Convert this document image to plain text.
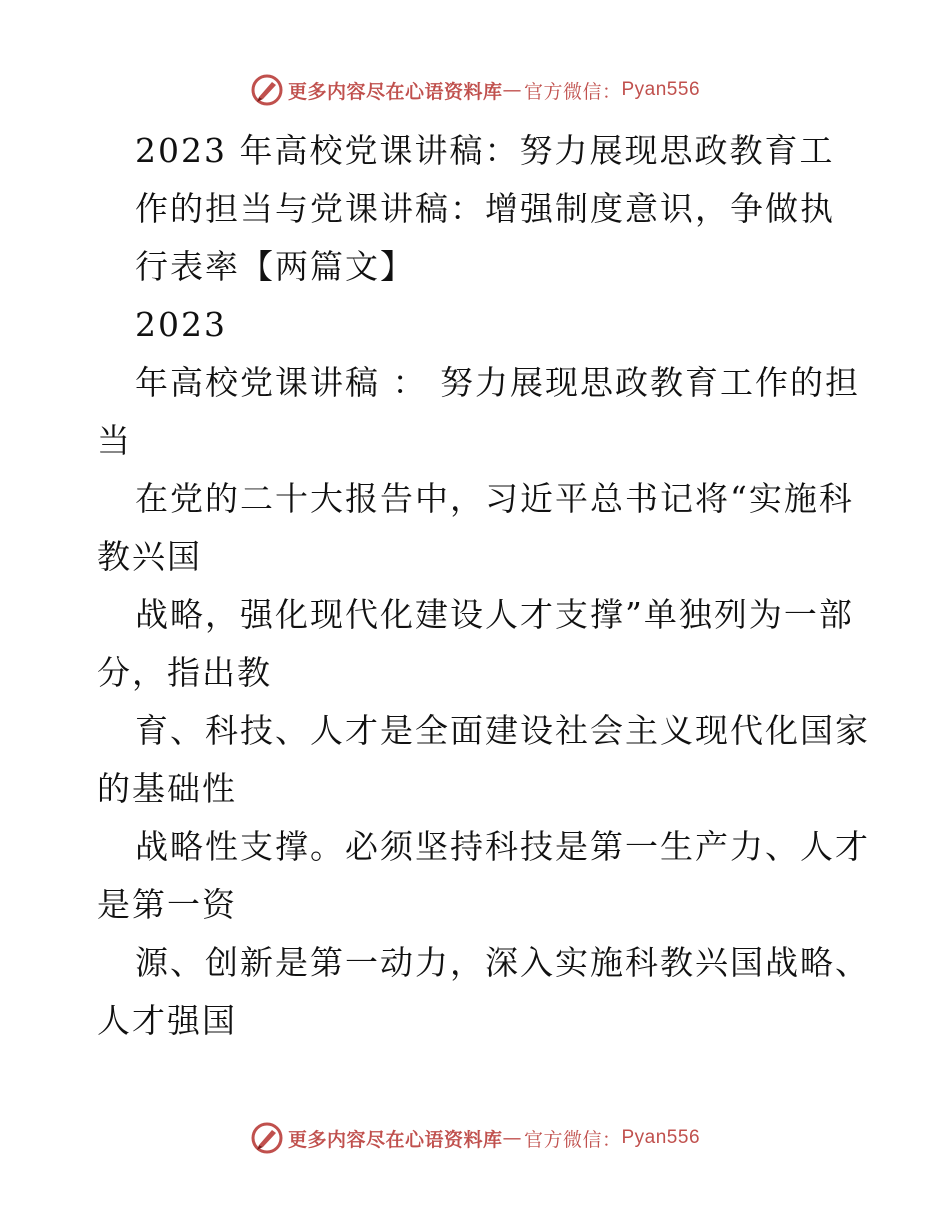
更多内容尽在心语资料库 — 官方微信： Pyan556
2023 年高校党课讲稿：努力展现思政教育工
作的担当与党课讲稿：增强制度意识，争做执
行表率【两篇文】
2023
年高校党课讲稿 ： 努力展现思政教育工作的担
当
在党的二十大报告中，习近平总书记将“实施科
教兴国
战略，强化现代化建设人才支撑”单独列为一部
分，指出教
育、科技、人才是全面建设社会主义现代化国家
的基础性
战略性支撑。必须坚持科技是第一生产力、人才
是第一资
源、创新是第一动力，深入实施科教兴国战略、
人才强国
更多内容尽在心语资料库 — 官方微信： Pyan556
